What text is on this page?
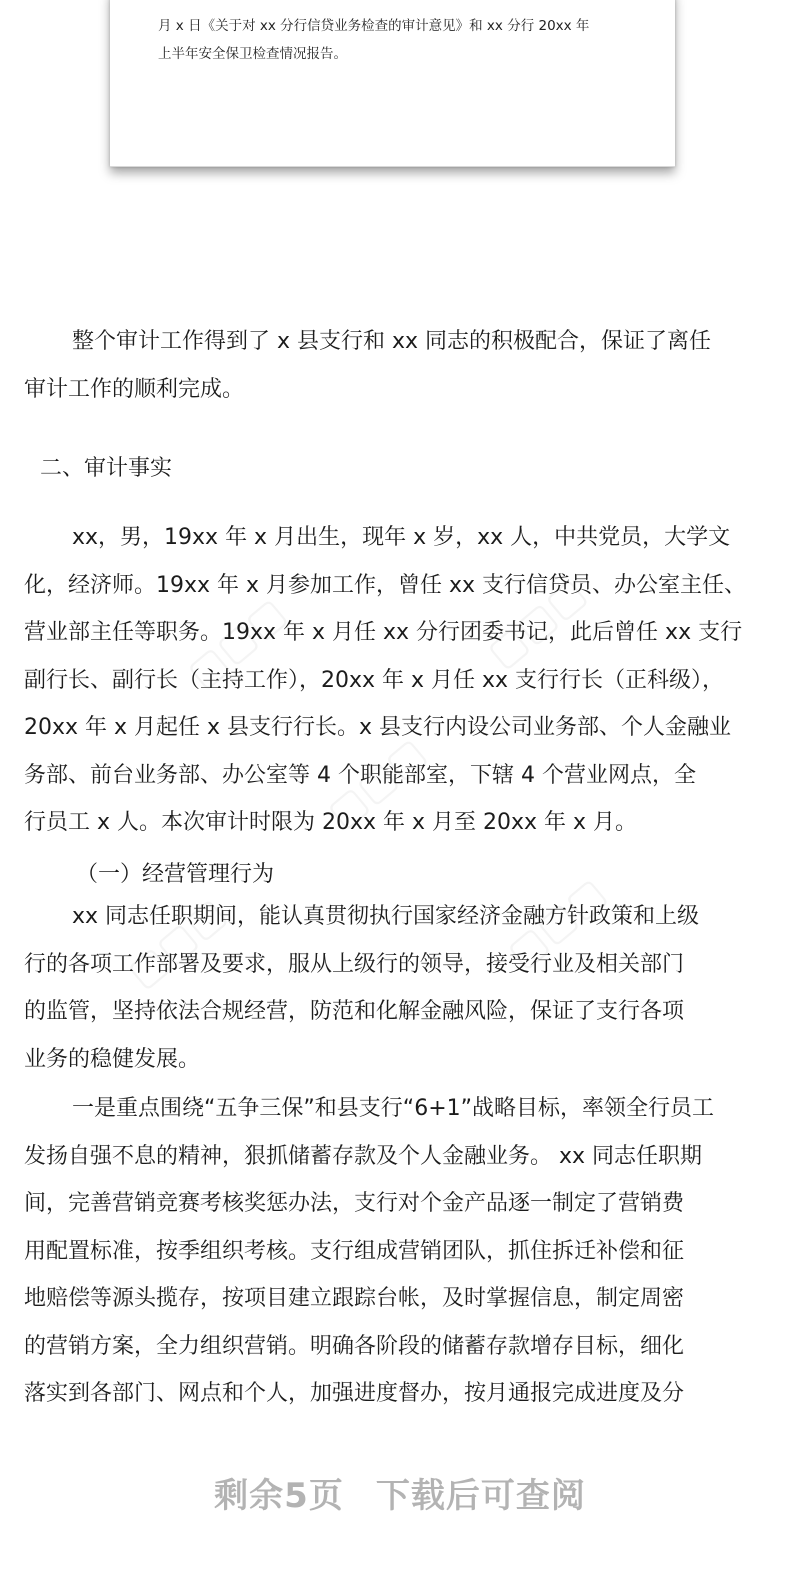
月 x 日《关于对 xx 分行信贷业务检查的审计意见》和 xx 分行 20xx 年
上半年安全保卫检查情况报告。
整个审计工作得到了 x 县支行和 xx 同志的积极配合，保证了离任
审计工作的顺利完成。
二、审计事实
xx，男，19xx 年 x 月出生，现年 x 岁，xx 人，中共党员，大学文
化，经济师。19xx 年 x 月参加工作，曾任 xx 支行信贷员、办公室主任、
营业部主任等职务。19xx 年 x 月任 xx 分行团委书记，此后曾任 xx 支行
副行长、副行长（主持工作），20xx 年 x 月任 xx 支行行长（正科级），
20xx 年 x 月起任 x 县支行行长。x 县支行内设公司业务部、个人金融业
务部、前台业务部、办公室等 4 个职能部室，下辖 4 个营业网点，全
行员工 x 人。本次审计时限为 20xx 年 x 月至 20xx 年 x 月。
（一）经营管理行为
xx 同志任职期间，能认真贯彻执行国家经济金融方针政策和上级
行的各项工作部署及要求，服从上级行的领导，接受行业及相关部门
的监管，坚持依法合规经营，防范和化解金融风险，保证了支行各项
业务的稳健发展。
一是重点围绕“五争三保”和县支行“6+1”战略目标，率领全行员工
发扬自强不息的精神，狠抓储蓄存款及个人金融业务。 xx 同志任职期
间，完善营销竞赛考核奖惩办法，支行对个金产品逐一制定了营销费
用配置标准，按季组织考核。支行组成营销团队，抓住拆迁补偿和征
地赔偿等源头揽存，按项目建立跟踪台帐，及时掌握信息，制定周密
的营销方案，全力组织营销。明确各阶段的储蓄存款增存目标，细化
落实到各部门、网点和个人，加强进度督办，按月通报完成进度及分
剩余5页 下载后可查阅
